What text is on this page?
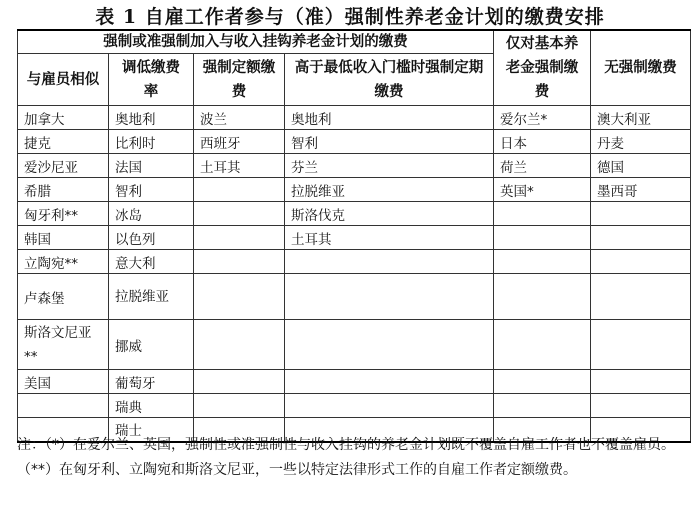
表 1 自雇工作者参与（准）强制性养老金计划的缴费安排
强制或准强制加入与收入挂钩养老金计划的缴费				仅对基本养老金强制缴费	无强制缴费
与雇员相似	调低缴费率	强制定额缴费	高于最低收入门槛时强制定期缴费		
加拿大	奥地利	波兰	奥地利	爱尔兰*	澳大利亚
捷克	比利时	西班牙	智利	日本	丹麦
爱沙尼亚	法国	土耳其	芬兰	荷兰	德国
希腊	智利		拉脱维亚	英国*	墨西哥
匈牙利**	冰岛		斯洛伐克		
韩国	以色列		土耳其		
立陶宛**	意大利				
卢森堡	拉脱维亚				
斯洛文尼亚**	挪威				
美国	葡萄牙				
	瑞典				
	瑞士				
注：（*）在爱尔兰、英国，强制性或准强制性与收入挂钩的养老金计划既不覆盖自雇工作者也不覆盖雇员。（**）在匈牙利、立陶宛和斯洛文尼亚，一些以特定法律形式工作的自雇工作者定额缴费。
